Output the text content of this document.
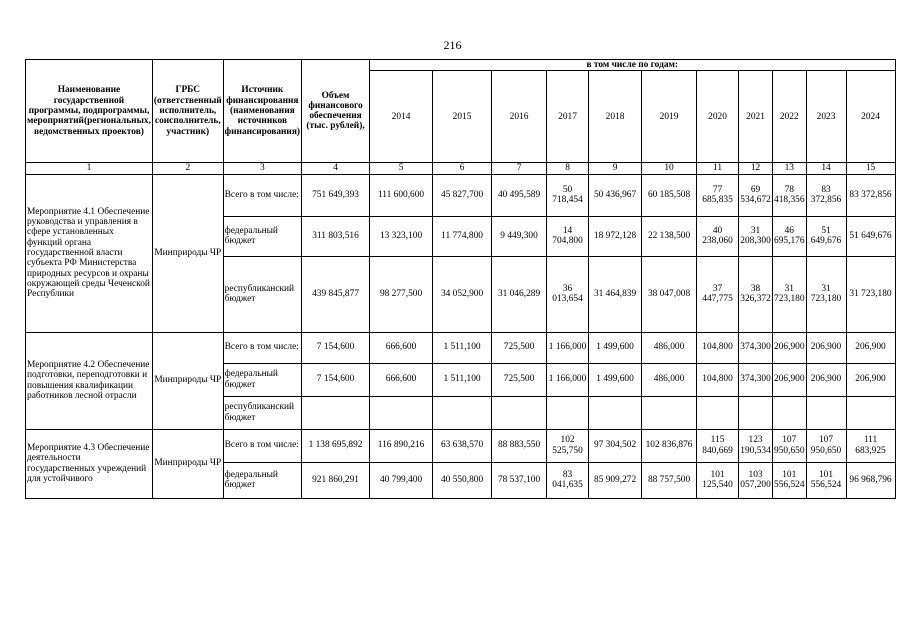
216
Наименование государственной программы, подпрограммы, мероприятий(региональных, ведомственных проектов)	ГРБС (ответственный исполнитель, соисполнитель, участник)	Источник финансирования (наименования источников финансирования)	Объем финансового обеспечения (тыс. рублей),	в том числе по годам:										
				2014	2015	2016	2017	2018	2019	2020	2021	2022	2023	2024
1	2	3	4	5	6	7	8	9	10	11	12	13	14	15
Мероприятие 4.1 Обеспечение руководства и управления в сфере установленных функций органа государственной власти субъекта РФ Министерства природных ресурсов и охраны окружающей среды Чеченской Республики	Минприроды ЧР	Всего в том числе:	751 649,393	111 600,600	45 827,700	40 495,589	50 718,454	50 436,967	60 185,508	77 685,835	69 534,672	78 418,356	83 372,856	83 372,856
		федеральный бюджет	311 803,516	13 323,100	11 774,800	9 449,300	14 704,800	18 972,128	22 138,500	40 238,060	31 208,300	46 695,176	51 649,676	51 649,676
		республиканский бюджет	439 845,877	98 277,500	34 052,900	31 046,289	36 013,654	31 464,839	38 047,008	37 447,775	38 326,372	31 723,180	31 723,180	31 723,180
Мероприятие 4.2 Обеспечение подготовки, переподготовки и повышения квалификации работников лесной отрасли	Минприроды ЧР	Всего в том числе:	7 154,600	666,600	1 511,100	725,500	1 166,000	1 499,600	486,000	104,800	374,300	206,900	206,900	206,900
		федеральный бюджет	7 154,600	666,600	1 511,100	725,500	1 166,000	1 499,600	486,000	104,800	374,300	206,900	206,900	206,900
		республиканский бюджет												
Мероприятие 4.3 Обеспечение деятельности государственных учреждений для устойчивого	Минприроды ЧР	Всего в том числе:	1 138 695,892	116 890,216	63 638,570	88 883,550	102 525,750	97 304,502	102 836,876	115 840,669	123 190,534	107 950,650	107 950,650	111 683,925
		федеральный бюджет	921 860,291	40 799,400	40 550,800	78 537,100	83 041,635	85 909,272	88 757,500	101 125,540	103 057,200	101 556,524	101 556,524	96 968,796
